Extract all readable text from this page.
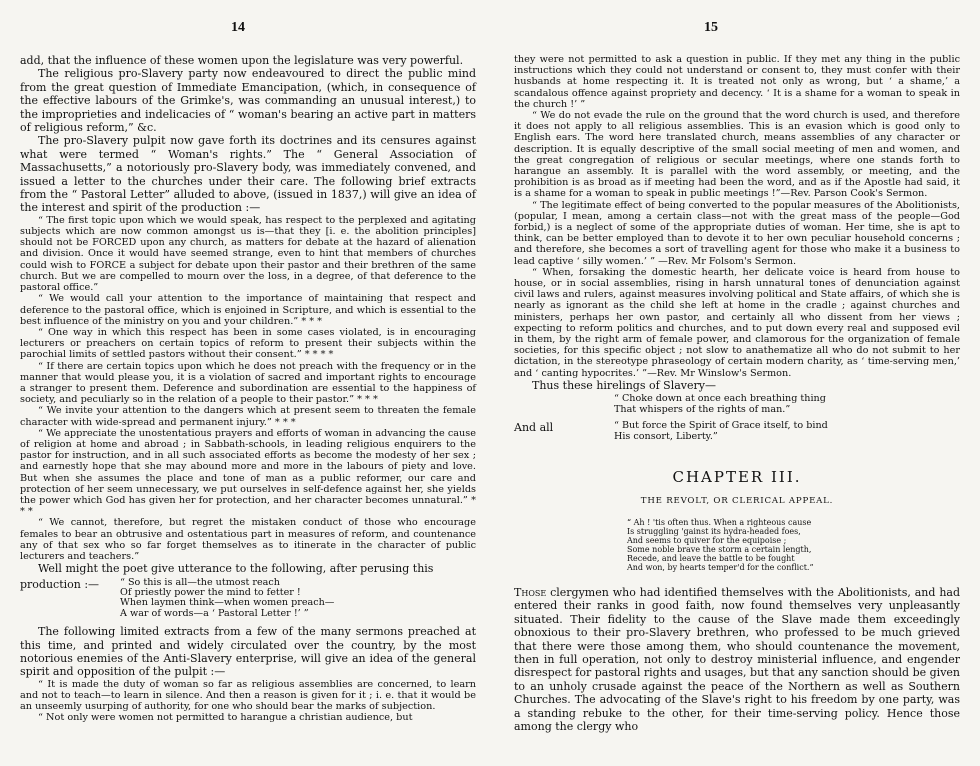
14

add, that the influence of these women upon the legislature was very powerful.

The religious pro-Slavery party now endeavoured to direct the public mind from the great question of Immediate Emancipation, (which, in consequence of the effective labours of the Grimke's, was commanding an unusual interest,) to the improprieties and indelicacies of “ woman's bearing an active part in matters of religious reform,” &c.

The pro-Slavery pulpit now gave forth its doctrines and its censures against what were termed “ Woman's rights.” The “ General Association of Massachusetts,” a notoriously pro-Slavery body, was immediately convened, and issued a letter to the churches under their care. The following brief extracts from the “ Pastoral Letter” alluded to above, (issued in 1837,) will give an idea of the interest and spirit of the production :—

“ The first topic upon which we would speak, has respect to the perplexed and agitating subjects which are now common amongst us is—that they [i. e. the abolition principles] should not be FORCED upon any church, as matters for debate at the hazard of alienation and division. Once it would have seemed strange, even to hint that members of churches could wish to FORCE a subject for debate upon their pastor and their brethren of the same church. But we are compelled to mourn over the loss, in a degree, of that deference to the pastoral office.”

“ We would call your attention to the importance of maintaining that respect and deference to the pastoral office, which is enjoined in Scripture, and which is essential to the best influence of the ministry on you and your children.” * * *

“ One way in which this respect has been in some cases violated, is in encouraging lecturers or preachers on certain topics of reform to present their subjects within the parochial limits of settled pastors without their consent.” * * * *

“ If there are certain topics upon which he does not preach with the frequency or in the manner that would please you, it is a violation of sacred and important rights to encourage a stranger to present them. Deference and subordination are essential to the happiness of society, and peculiarly so in the relation of a people to their pastor.” * * *

“ We invite your attention to the dangers which at present seem to threaten the female character with wide-spread and permanent injury.” * * *

“ We appreciate the unostentatious prayers and efforts of woman in advancing the cause of religion at home and abroad ; in Sabbath-schools, in leading religious enquirers to the pastor for instruction, and in all such associated efforts as become the modesty of her sex ; and earnestly hope that she may abound more and more in the labours of piety and love. But when she assumes the place and tone of man as a public reformer, our care and protection of her seem unnecessary, we put ourselves in self-defence against her, she yields the power which God has given her for protection, and her character becomes unnatural.” * * *

“ We cannot, therefore, but regret the mistaken conduct of those who encourage females to bear an obtrusive and ostentatious part in measures of reform, and countenance any of that sex who so far forget themselves as to itinerate in the character of public lecturers and teachers.”

Well might the poet give utterance to the following, after perusing this

production :—	“ So this is all—the utmost reach
Of priestly power the mind to fetter !
When laymen think—when women preach—
A war of words—a ‘ Pastoral Letter !’ ”

The following limited extracts from a few of the many sermons preached at this time, and printed and widely circulated over the country, by the most notorious enemies of the Anti-Slavery enterprise, will give an idea of the general spirit and opposition of the pulpit :—

“ It is made the duty of woman so far as religious assemblies are concerned, to learn and not to teach—to learn in silence. And then a reason is given for it ; i. e. that it would be an unseemly usurping of authority, for one who should bear the marks of subjection.

“ Not only were women not permitted to harangue a christian audience, but

15

they were not permitted to ask a question in public. If they met any thing in the public instructions which they could not understand or consent to, they must confer with their husbands at home respecting it. It is treated not only as wrong, but ‘ a shame,’ a scandalous offence against propriety and decency. ‘ It is a shame for a woman to speak in the church !’ ”

“ We do not evade the rule on the ground that the word church is used, and therefore it does not apply to all religious assemblies. This is an evasion which is good only to English ears. The word here translated church, means assemblies of any character or description. It is equally descriptive of the small social meeting of men and women, and the great congregation of religious or secular meetings, where one stands forth to harangue an assembly. It is parallel with the word assembly, or meeting, and the prohibition is as broad as if meeting had been the word, and as if the Apostle had said, it is a shame for a woman to speak in public meetings !”—Rev. Parson Cook's Sermon.

“ The legitimate effect of being converted to the popular measures of the Abolitionists, (popular, I mean, among a certain class—not with the great mass of the people—God forbid,) is a neglect of some of the appropriate duties of woman. Her time, she is apt to think, can be better employed than to devote it to her own peculiar household concerns ; and therefore, she becomes a sort of travelling agent for those who make it a business to lead captive ‘ silly women.’ ” —Rev. Mr Folsom's Sermon.

“ When, forsaking the domestic hearth, her delicate voice is heard from house to house, or in social assemblies, rising in harsh unnatural tones of denunciation against civil laws and rulers, against measures involving political and State affairs, of which she is nearly as ignorant as the child she left at home in the cradle ; against churches and ministers, perhaps her own pastor, and certainly all who dissent from her views ; expecting to reform politics and churches, and to put down every real and supposed evil in them, by the right arm of female power, and clamorous for the organization of female societies, for this specific object ; not slow to anathematize all who do not submit to her dictation, in the stereotype phraseology of certain modern charity, as ‘ time-serving men,’ and ‘ canting hypocrites.’ ”—Rev. Mr Winslow's Sermon.

Thus these hirelings of Slavery—

“ Choke down at once each breathing thing
That whispers of the rights of man.”
And all	“ But force the Spirit of Grace itself, to bind
His consort, Liberty.”
CHAPTER III.
THE REVOLT, OR CLERICAL APPEAL.
“ Ah ! 'tis often thus. When a righteous cause
Is struggling 'gainst its hydra-headed foes,
And seems to quiver for the equipoise ;
Some noble brave the storm a certain length,
Recede, and leave the battle to be fought
And won, by hearts temper'd for the conflict.”

Those clergymen who had identified themselves with the Abolitionists, and had entered their ranks in good faith, now found themselves very unpleasantly situated. Their fidelity to the cause of the Slave made them exceedingly obnoxious to their pro-Slavery brethren, who professed to be much grieved that there were those among them, who should countenance the movement, then in full operation, not only to destroy ministerial influence, and engender disrespect for pastoral rights and usages, but that any sanction should be given to an unholy crusade against the peace of the Northern as well as Southern Churches. The advocating of the Slave's right to his freedom by one party, was a standing rebuke to the other, for their time-serving policy. Hence those among the clergy who
